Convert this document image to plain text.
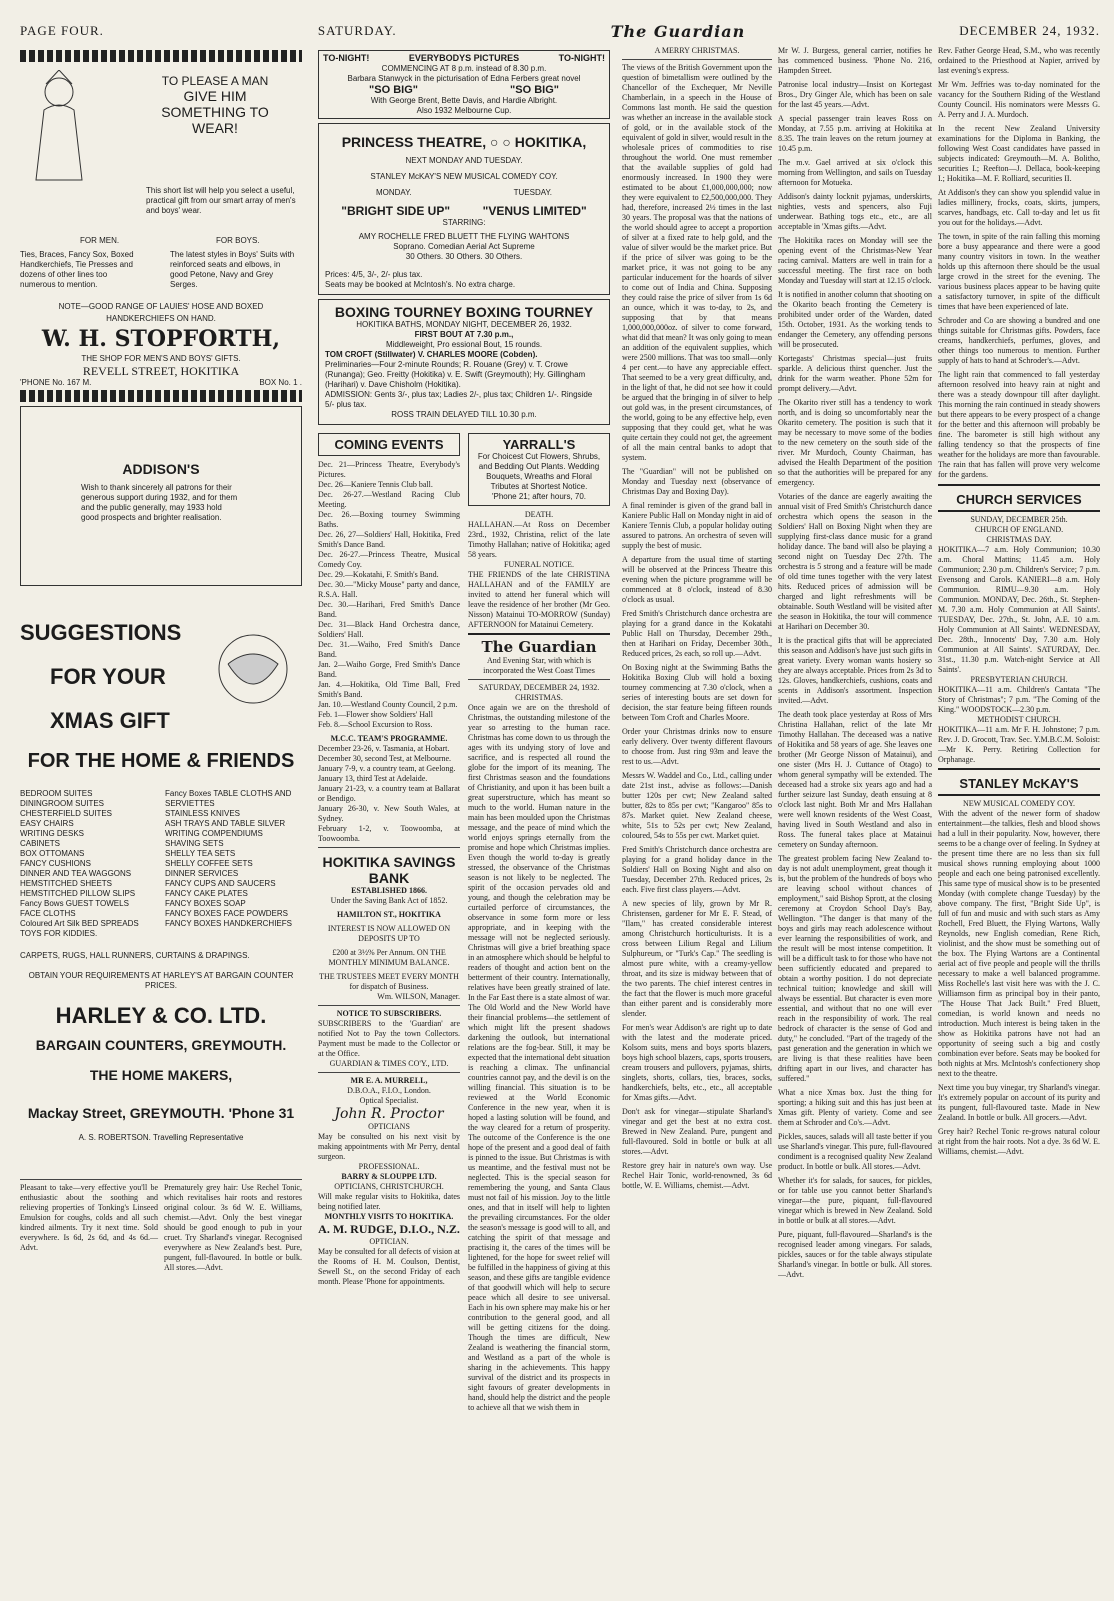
PAGE FOUR.	SATURDAY.	The Guardian	DECEMBER 24, 1932.
TO PLEASE A MAN
GIVE HIM
SOMETHING TO
WEAR!
This short list will help you select a useful, practical gift from our smart array of men's and boys' wear.
FOR MEN.	FOR BOYS.
Ties, Braces, Fancy Sox, Boxed Handkerchiefs, Tie Presses and dozens of other lines too numerous to mention.
The latest styles in Boys' Suits with reinforced seats and elbows, in good Petone, Navy and Grey Serges.
NOTE—GOOD RANGE OF LAUIES' HOSE AND BOXED
HANDKERCHIEFS ON HAND.
W. H. STOPFORTH,
THE SHOP FOR MEN'S AND BOYS' GIFTS.
REVELL STREET, HOKITIKA
'PHONE No. 167 M.	BOX No. 1 .
ADDISON'S
Wish to thank sincerely all patrons for their generous support during 1932, and for them and the public generally, may 1933 hold good prospects and brighter realisation.
SUGGESTIONS
FOR YOUR
XMAS GIFT
FOR THE HOME & FRIENDS
BEDROOM SUITES
DININGROOM SUITES
CHESTERFIELD SUITES
EASY CHAIRS
WRITING DESKS
CABINETS
BOX OTTOMANS
FANCY CUSHIONS
DINNER AND TEA WAGGONS
HEMSTITCHED SHEETS
HEMSTITCHED PILLOW SLIPS
Fancy Bows GUEST TOWELS
FACE CLOTHS
Coloured Art Silk BED SPREADS
TOYS FOR KIDDIES.
Fancy Boxes TABLE CLOTHS AND SERVIETTES
STAINLESS KNIVES
ASH TRAYS AND TABLE SILVER
WRITING COMPENDIUMS
SHAVING SETS
SHELLY TEA SETS
SHELLY COFFEE SETS
DINNER SERVICES
FANCY CUPS AND SAUCERS
FANCY CAKE PLATES
FANCY BOXES SOAP
FANCY BOXES FACE POWDERS
FANCY BOXES HANDKERCHIEFS
CARPETS, RUGS, HALL RUNNERS, CURTAINS & DRAPINGS.
OBTAIN YOUR REQUIREMENTS AT HARLEY'S AT BARGAIN COUNTER PRICES.
HARLEY & CO. LTD.
BARGAIN COUNTERS, GREYMOUTH.
THE HOME MAKERS,
Mackay Street, GREYMOUTH. 'Phone 31
A. S. ROBERTSON. Travelling Representative
Pleasant to take—very effective you'll be enthusiastic about the soothing and relieving properties of Tonking's Linseed Emulsion for coughs, colds and all such kindred ailments. Try it next time. Sold everywhere. Is 6d, 2s 6d, and 4s 6d.—Advt.
Prematurely grey hair: Use Rechel Tonic, which revitalises hair roots and restores original colour. 3s 6d W. E. Williams, chemist.—Advt. Only the best vinegar should be good enough to pub in your cruet. Try Sharland's vinegar. Recognised everywhere as New Zealand's best. Pure, pungent, full-flavoured. In bottle or bulk. All stores.—Advt.
TO-NIGHT!	EVERYBODYS PICTURES	TO-NIGHT!
COMMENCING AT 8 p.m. instead of 8.30 p.m.
Barbara Stanwyck in the picturisation of Edna Ferbers great novel
"SO BIG"	"SO BIG"
With George Brent, Bette Davis, and Hardie Albright.
Also 1932 Melbourne Cup.
PRINCESS THEATRE, ○ ○ HOKITIKA,
NEXT MONDAY AND TUESDAY.
STANLEY McKAY'S NEW MUSICAL COMEDY COY.
MONDAY.	TUESDAY.
"BRIGHT SIDE UP"	"VENUS LIMITED"
STARRING:
AMY ROCHELLE FRED BLUETT THE FLYING WAHTONS
Soprano. Comedian Aerial Act Supreme
30 Others. 30 Others. 30 Others.
Prices: 4/5, 3/-, 2/- plus tax.
Seats may be booked at McIntosh's. No extra charge.
BOXING TOURNEY BOXING TOURNEY
HOKITIKA BATHS, MONDAY NIGHT, DECEMBER 26, 1932.
FIRST BOUT AT 7.30 p.m.,
Middleweight, Pro essional Bout, 15 rounds.
TOM CROFT (Stillwater) V. CHARLES MOORE (Cobden).
Preliminaries—Four 2-minute Rounds; R. Rouane (Grey) v. T. Crowe (Runanga); Geo. Freitty (Hokitika) v. E. Swift (Greymouth); Hy. Gillingham (Harihari) v. Dave Chisholm (Hokitika).
ADMISSION: Gents 3/-, plus tax; Ladies 2/-, plus tax; Children 1/-. Ringside 5/- plus tax.
ROSS TRAIN DELAYED TILL 10.30 p.m.
COMING EVENTS
Dec. 21—Princess Theatre, Everybody's Pictures.
Dec. 26—Kaniere Tennis Club ball.
Dec. 26-27.—Westland Racing Club Meeting.
Dec. 26.—Boxing tourney Swimming Baths.
Dec. 26, 27—Soldiers' Hall, Hokitika, Fred Smith's Dance Band.
Dec. 26-27.—Princess Theatre, Musical Comedy Coy.
Dec. 29.—Kokatahi, F. Smith's Band.
Dec. 30.—"Micky Mouse" party and dance, R.S.A. Hall.
Dec. 30.—Harihari, Fred Smith's Dance Band.
Dec. 31—Black Hand Orchestra dance, Soldiers' Hall.
Dec. 31.—Waiho, Fred Smith's Dance Band.
Jan. 2—Waiho Gorge, Fred Smith's Dance Band.
Jan. 4.—Hokitika, Old Time Ball, Fred Smith's Band.
Jan. 10.—Westland County Council, 2 p.m.
Feb. 1—Flower show Soldiers' Hall
Feb. 8.—School Excursion to Ross.
M.C.C. TEAM'S PROGRAMME.
December 23-26, v. Tasmania, at Hobart.
December 30, second Test, at Melbourne.
January 7-9, v. a country team, at Geelong.
January 13, third Test at Adelaide.
January 21-23, v. a country team at Ballarat or Bendigo.
January 26-30, v. New South Wales, at Sydney.
February 1-2, v. Toowoomba, at Toowoomba.
HOKITIKA SAVINGS BANK
ESTABLISHED 1866.
Under the Saving Bank Act of 1852.
HAMILTON ST., HOKITIKA
INTEREST IS NOW ALLOWED ON DEPOSITS UP TO
£200 at 3½% Per Annum. ON THE MONTHLY MINIMUM BALANCE.
THE TRUSTEES MEET EVERY MONTH for dispatch of Business.
Wm. WILSON, Manager.
NOTICE TO SUBSCRIBERS.
SUBSCRIBERS to the 'Guardian' are notified Not to Pay the town Collectors. Payment must be made to the Collector or at the Office.
GUARDIAN & TIMES CO'Y., LTD.
MR E. A. MURRELL,
D.B.O.A., F.I.O., London.
Optical Specialist.
John R. Proctor
OPTICIANS
May be consulted on his next visit by making appointments with Mr Perry, dental surgeon.
PROFESSIONAL.
BARRY & SLOUPPE LTD.
OPTICIANS, CHRISTCHURCH.
Will make regular visits to Hokitika, dates being notified later.
MONTHLY VISITS TO HOKITIKA.
A. M. RUDGE, D.I.O., N.Z.
OPTICIAN.
May be consulted for all defects of vision at the Rooms of H. M. Coulson, Dentist, Sewell St., on the second Friday of each month. Please 'Phone for appointments.
YARRALL'S
For Choicest Cut Flowers, Shrubs, and Bedding Out Plants. Wedding Bouquets, Wreaths and Floral Tributes at Shortest Notice.
'Phone 21; after hours, 70.
DEATH.
HALLAHAN.—At Ross on December 23rd., 1932, Christina, relict of the late Timothy Hallahan; native of Hokitika; aged 58 years.
FUNERAL NOTICE.
THE FRIENDS of the late CHRISTINA HALLAHAN and of the FAMILY are invited to attend her funeral which will leave the residence of her brother (Mr Geo. Nisson) Matainui TO-MORROW (Sunday) AFTERNOON for Matainui Cemetery.
The Guardian
And Evening Star, with which is incorporated the West Coast Times
SATURDAY, DECEMBER 24, 1932.
CHRISTMAS.
Once again we are on the threshold of Christmas, the outstanding milestone of the year so arresting to the human race. Christmas has come down to us through the ages with its undying story of love and sacrifice, and is respected all round the globe for the import of its meaning. The first Christmas season and the foundations of Christianity, and upon it has been built a great superstructure, which has meant so much to the world. Human nature in the main has been moulded upon the Christmas message, and the peace of mind which the world enjoys springs eternally from the promise and hope which Christmas implies. Even though the world to-day is greatly stressed, the observance of the Christmas season is not likely to be neglected. The spirit of the occasion pervades old and young, and though the celebration may be curtailed perforce of circumstances, the observance in some form more or less appropriate, and in keeping with the message will not be neglected seriously. Christmas will give a brief breathing space in an atmosphere which should be helpful to readers of thought and action bent on the betterment of their country. Internationally, relatives have been greatly strained of late. In the Far East there is a state almost of war. The Old World and the New World have their financial problems—the settlement of which might lift the present shadows darkening the outlook, but international relations are the fog-bear. Still, it may be expected that the international debt situation is reaching a climax. The unfinancial countries cannot pay, and the devil is on the willing financial. This situation is to be reviewed at the World Economic Conference in the new year, when it is hoped a lasting solution will be found, and the way cleared for a return of prosperity. The outcome of the Conference is the one hope of the present and a good deal of faith is pinned to the issue. But Christmas is with us meantime, and the festival must not be neglected. This is the special season for remembering the young, and Santa Claus must not fail of his mission. Joy to the little ones, and that in itself will help to lighten the prevailing circumstances. For the older the season's message is good will to all, and catching the spirit of that message and practising it, the cares of the times will be lightened, for the hope for sweet relief will be fulfilled in the happiness of giving at this season, and these gifts are tangible evidence of that goodwill which will help to secure peace which all desire to see universal. Each in his own sphere may make his or her contribution to the general good, and all will be getting citizens for the doing. Though the times are difficult, New Zealand is weathering the financial storm, and Westland as a part of the whole is sharing in the achievements. This happy survival of the district and its prospects in sight favours of greater developments in hand, should help the district and the people to achieve all that we wish them in
A MERRY CHRISTMAS.

The views of the British Government upon the question of bimetallism were outlined by the Chancellor of the Exchequer, Mr Neville Chamberlain, in a speech in the House of Commons last month. He said the question was whether an increase in the available stock of gold, or in the available stock of the equivalent of gold in silver, would result in the wholesale prices of commodities to rise throughout the world. One must remember that the available supplies of gold had enormously increased. In 1900 they were estimated to be about £1,000,000,000; now they were equivalent to £2,500,000,000. They had, therefore, increased 2½ times in the last 30 years. The proposal was that the nations of the world should agree to accept a proportion of silver at a fixed rate to help gold, and the value of silver would be the market price. But if the price of silver was going to be the market price, it was not going to be any particular inducement for the hoards of silver to come out of India and China. Supposing they could raise the price of silver from 1s 6d an ounce, which it was to-day, to 2s, and supposing that by that means 1,000,000,000oz. of silver to come forward, what did that mean? It was only going to mean an addition of the equivalent supplies, which were 2500 millions. That was too small—only 4 per cent.—to have any appreciable effect. That seemed to be a very great difficulty, and, in the light of that, he did not see how it could be argued that the bringing in of silver to help out gold was, in the present circumstances, of the world, going to be any effective help, even supposing that they could get, what he was quite certain they could not get, the agreement of all the main central banks to adopt that system.

The "Guardian" will not be published on Monday and Tuesday next (observance of Christmas Day and Boxing Day).

A final reminder is given of the grand ball in Kaniere Public Hall on Monday night in aid of Kaniere Tennis Club, a popular holiday outing assured to patrons. An orchestra of seven will supply the best of music.

A departure from the usual time of starting will be observed at the Princess Theatre this evening when the picture programme will be commenced at 8 o'clock, instead of 8.30 o'clock as usual.

Fred Smith's Christchurch dance orchestra are playing for a grand dance in the Kokatahi Public Hall on Thursday, December 29th., then at Harihari on Friday, December 30th., Reduced prices, 2s each, so roll up.—Advt.

On Boxing night at the Swimming Baths the Hokitika Boxing Club will hold a boxing tourney commencing at 7.30 o'clock, when a series of interesting bouts are set down for decision, the star feature being fifteen rounds between Tom Croft and Charles Moore.

Order your Christmas drinks now to ensure early delivery. Over twenty different flavours to choose from. Just ring 93m and leave the rest to us.—Advt.

Messrs W. Waddel and Co., Ltd., calling under date 21st inst., advise as follows:—Danish butter 120s per cwt; New Zealand salted butter, 82s to 85s per cwt; "Kangaroo" 85s to 87s. Market quiet. New Zealand cheese, white, 51s to 52s per cwt; New Zealand, coloured, 54s to 55s per cwt. Market quiet.

Fred Smith's Christchurch dance orchestra are playing for a grand holiday dance in the Soldiers' Hall on Boxing Night and also on Tuesday, December 27th. Reduced prices, 2s each. Five first class players.—Advt.

A new species of lily, grown by Mr R. Christensen, gardener for Mr E. F. Stead, of "Ilam," has created considerable interest among Christchurch horticulturists. It is a cross between Lilium Regal and Lilium Sulphureum, or "Turk's Cap." The seedling is almost pure white, with a creamy-yellow throat, and its size is midway between that of the two parents. The chief interest centres in the fact that the flower is much more graceful than either parent and is considerably more slender.

For men's wear Addison's are right up to date with the latest and the moderate priced. Kolsom suits, mens and boys sports blazers, boys high school blazers, caps, sports trousers, cream trousers and pullovers, pyjamas, shirts, singlets, shorts, collars, ties, braces, socks, handkerchiefs, belts, etc., etc., all acceptable for Xmas gifts.—Advt.

Don't ask for vinegar—stipulate Sharland's vinegar and get the best at no extra cost. Brewed in New Zealand. Pure, pungent and full-flavoured. Sold in bottle or bulk at all stores.—Advt.

Restore grey hair in nature's own way. Use Rechel Hair Tonic, world-renowned, 3s 6d bottle, W. E. Williams, chemist.—Advt.

Mr W. J. Burgess, general carrier, notifies he has commenced business. 'Phone No. 216, Hampden Street.

Patronise local industry—Insist on Kortegast Bros., Dry Ginger Ale, which has been on sale for the last 45 years.—Advt.

A special passenger train leaves Ross on Monday, at 7.55 p.m. arriving at Hokitika at 8.35. The train leaves on the return journey at 10.45 p.m.

The m.v. Gael arrived at six o'clock this morning from Wellington, and sails on Tuesday afternoon for Motueka.

Addison's dainty locknit pyjamas, underskirts, nighties, vests and spencers, also Fuji underwear. Bathing togs etc., etc., are all acceptable in 'Xmas gifts.—Advt.

The Hokitika races on Monday will see the opening event of the Christmas-New Year racing carnival. Matters are well in train for a successful meeting. The first race on both Monday and Tuesday will start at 12.15 o'clock.

It is notified in another column that shooting on the Okarito beach fronting the Cemetery is prohibited under order of the Warden, dated 15th. October, 1931. As the working tends to endanger the Cemetery, any offending persons will be prosecuted.

Kortegasts' Christmas special—just fruits sparkle. A delicious thirst quencher. Just the drink for the warm weather. Phone 52m for prompt delivery.—Advt.

The Okarito river still has a tendency to work north, and is doing so uncomfortably near the Okarito cemetery. The position is such that it may be necessary to move some of the bodies to the new cemetery on the south side of the river. Mr Murdoch, County Chairman, has advised the Health Department of the position so that the authorities will be prepared for any emergency.

Votaries of the dance are eagerly awaiting the annual visit of Fred Smith's Christchurch dance orchestra which opens the season in the Soldiers' Hall on Boxing Night when they are supplying first-class dance music for a grand holiday dance. The band will also be playing a second night on Tuesday Dec 27th. The orchestra is 5 strong and a feature will be made of old time tunes together with the very latest hits. Reduced prices of admission will be charged and light refreshments will be obtainable. South Westland will be visited after the season in Hokitika, the tour will commence at Harihari on December 30.

It is the practical gifts that will be appreciated this season and Addison's have just such gifts in great variety. Every woman wants hosiery so they are always acceptable. Prices from 2s 3d to 12s. Gloves, handkerchiefs, cushions, coats and scents in Addison's assortment. Inspection invited.—Advt.

The death took place yesterday at Ross of Mrs Christina Hallahan, relict of the late Mr Timothy Hallahan. The deceased was a native of Hokitika and 58 years of age. She leaves one brother (Mr George Nisson of Matainui), and one sister (Mrs H. J. Cuttance of Otago) to whom general sympathy will be extended. The deceased had a stroke six years ago and had a further seizure last Sunday, death ensuing at 8 o'clock last night. Both Mr and Mrs Hallahan were well known residents of the West Coast, having lived in South Westland and also in Ross. The funeral takes place at Matainui cemetery on Sunday afternoon.

The greatest problem facing New Zealand to-day is not adult unemployment, great though it is, but the problem of the hundreds of boys who are leaving school without chances of employment," said Bishop Sprott, at the closing ceremony at Croydon School Day's Bay, Wellington. "The danger is that many of the boys and girls may reach adolescence without ever learning the responsibilities of work, and the result will be most intense competition. It will be a difficult task to for those who have not been sufficiently educated and prepared to obtain a worthy position. I do not depreciate technical tuition; knowledge and skill will always be essential. But character is even more essential, and without that no one will ever reach in the responsibility of work. The real bedrock of character is the sense of God and duty," he concluded. "Part of the tragedy of the past generation and the generation in which we are living is that these realities have been drifting apart in our lives, and character has suffered."

What a nice Xmas box. Just the thing for sporting; a hiking suit and this has just been at Xmas gift. Plenty of variety. Come and see them at Schroder and Co's.—Advt.

Pickles, sauces, salads will all taste better if you use Sharland's vinegar. This pure, full-flavoured condiment is a recognised quality New Zealand product. In bottle or bulk. All stores.—Advt.

Whether it's for salads, for sauces, for pickles, or for table use you cannot better Sharland's vinegar—the pure, piquant, full-flavoured vinegar which is brewed in New Zealand. Sold in bottle or bulk at all stores.—Advt.

Pure, piquant, full-flavoured—Sharland's is the recognised leader among vinegars. For salads, pickles, sauces or for the table always stipulate Sharland's vinegar. In bottle or bulk. All stores.—Advt.

Rev. Father George Head, S.M., who was recently ordained to the Priesthood at Napier, arrived by last evening's express.

Mr Wm. Jeffries was to-day nominated for the vacancy for the Southern Riding of the Westland County Council. His nominators were Messrs G. A. Perry and J. A. Murdoch.

In the recent New Zealand University examinations for the Diploma in Banking, the following West Coast candidates have passed in subjects indicated: Greymouth—M. A. Bolitho, securities I.; Reefton—J. Dellaca, book-keeping I.; Hokitika—M. F. Rolliard, securities II.

At Addison's they can show you splendid value in ladies millinery, frocks, coats, skirts, jumpers, scarves, handbags, etc. Call to-day and let us fit you out for the holidays.—Advt.

The town, in spite of the rain falling this morning bore a busy appearance and there were a good many country visitors in town. In the weather holds up this afternoon there should be the usual large crowd in the street for the evening. The various business places appear to be having quite a satisfactory turnover, in spite of the difficult times that have been experienced of late.

Schroder and Co are showing a bundred and one things suitable for Christmas gifts. Powders, face creams, handkerchiefs, perfumes, gloves, and other things too numerous to mention. Further supply of hats to hand at Schroder's.—Advt.

The light rain that commenced to fall yesterday afternoon resolved into heavy rain at night and there was a steady downpour till after daylight. This morning the rain continued in steady showers but there appears to be every prospect of a change for the better and this afternoon will probably be fine. The barometer is still high without any falling tendency so that the prospects of fine weather for the holidays are more than favourable. The rain that has fallen will prove very welcome for the gardens.

CHURCH SERVICES
SUNDAY, DECEMBER 25th.
CHURCH OF ENGLAND.
CHRISTMAS DAY.
HOKITIKA—7 a.m. Holy Communion; 10.30 a.m. Choral Mattins; 11.45 a.m. Holy Communion; 2.30 p.m. Children's Service; 7 p.m. Evensong and Carols. KANIERI—8 a.m. Holy Communion. RIMU—9.30 a.m. Holy Communion. MONDAY, Dec. 26th., St. Stephen-M. 7.30 a.m. Holy Communion at All Saints'. TUESDAY, Dec. 27th., St. John, A.E. 10 a.m. Holy Communion at All Saints'. WEDNESDAY, Dec. 28th., Innocents' Day, 7.30 a.m. Holy Communion at All Saints'. SATURDAY, Dec. 31st., 11.30 p.m. Watch-night Service at All Saints'.
PRESBYTERIAN CHURCH.
HOKITIKA—11 a.m. Children's Cantata "The Story of Christmas"; 7 p.m. "The Coming of the King." WOODSTOCK—2.30 p.m.
METHODIST CHURCH.
HOKITIKA—11 a.m. Mr F. H. Johnstone; 7 p.m. Rev. J. D. Grocott, Trav. Sec. Y.M.B.C.M. Soloist:—Mr K. Perry. Retiring Collection for Orphanage.
STANLEY McKAY'S
NEW MUSICAL COMEDY COY.

With the advent of the newer form of shadow entertainment—the talkies, flesh and blood shows had a lull in their popularity. Now, however, there seems to be a change over of feeling. In Sydney at the present time there are no less than six full musical shows running employing about 1000 people and each one being patronised excellently. This same type of musical show is to be presented Monday (with complete change Tuesday) by the above company. The first, "Bright Side Up", is full of fun and music and with such stars as Amy Rochell, Fred Bluett, the Flying Wartons, Wally Reynolds, new English comedian, Rene Rich, violinist, and the show must be something out of the box. The Flying Wartons are a Continental aerial act of five people and people will the thrills necessary to make a well balanced programme. Miss Rochelle's last visit here was with the J. C. Williamson firm as principal boy in their panto, "The House That Jack Built." Fred Bluett, comedian, is world known and needs no introduction. Much interest is being taken in the show as Hokitika patrons have not had an opportunity of seeing such a big and costly combination ever before. Seats may be booked for both nights at Mrs. McIntosh's confectionery shop next to the theatre.

Next time you buy vinegar, try Sharland's vinegar. It's extremely popular on account of its purity and its pungent, full-flavoured taste. Made in New Zealand. In bottle or bulk. All grocers.—Advt.

Grey hair? Rechel Tonic re-grows natural colour at right from the hair roots. Not a dye. 3s 6d W. E. Williams, chemist.—Advt.
